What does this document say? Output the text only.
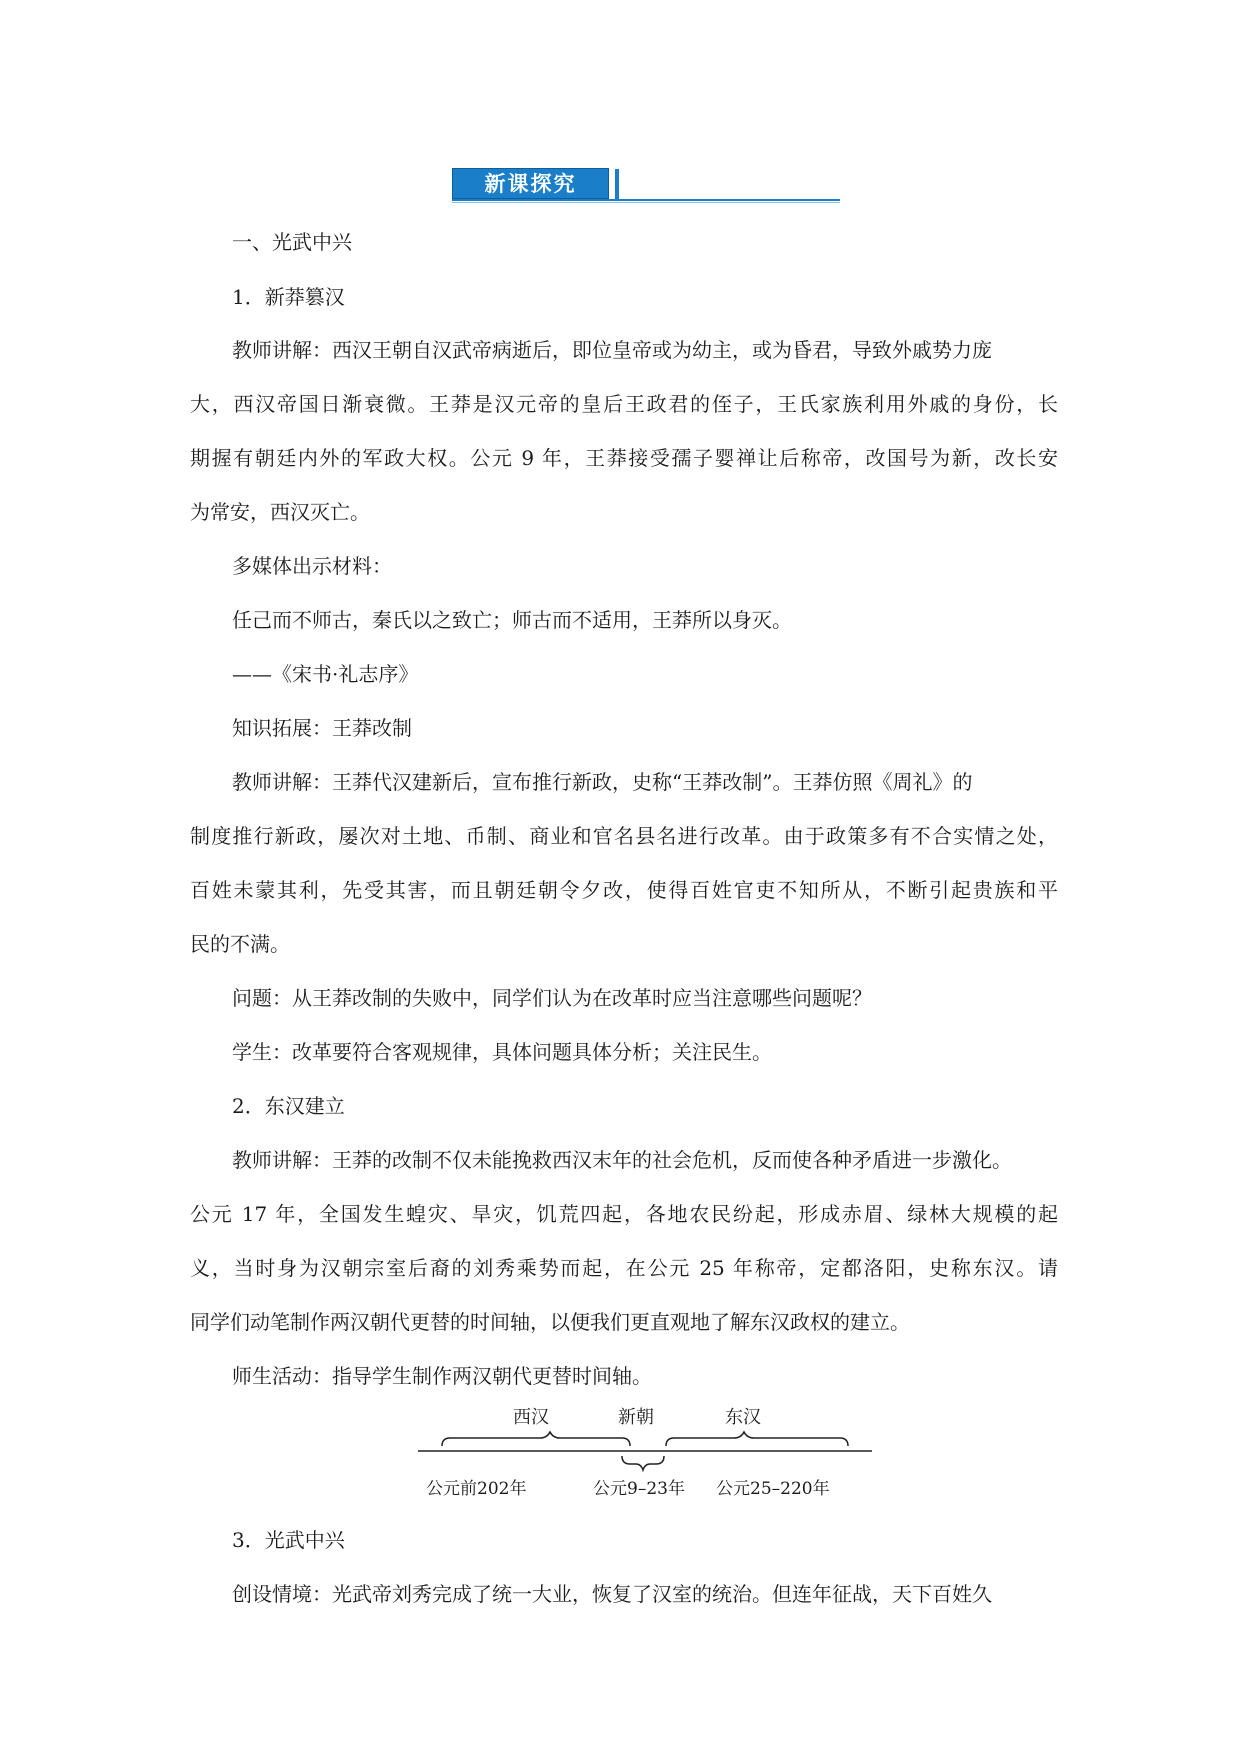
新课探究
一、光武中兴
1．新莽篡汉
教师讲解：西汉王朝自汉武帝病逝后，即位皇帝或为幼主，或为昏君，导致外戚势力庞
大，西汉帝国日渐衰微。王莽是汉元帝的皇后王政君的侄子，王氏家族利用外戚的身份，长
期握有朝廷内外的军政大权。公元 9 年，王莽接受孺子婴禅让后称帝，改国号为新，改长安
为常安，西汉灭亡。
多媒体出示材料：
任己而不师古，秦氏以之致亡；师古而不适用，王莽所以身灭。
——《宋书·礼志序》
知识拓展：王莽改制
教师讲解：王莽代汉建新后，宣布推行新政，史称“王莽改制”。王莽仿照《周礼》的
制度推行新政，屡次对土地、币制、商业和官名县名进行改革。由于政策多有不合实情之处，
百姓未蒙其利，先受其害，而且朝廷朝令夕改，使得百姓官吏不知所从，不断引起贵族和平
民的不满。
问题：从王莽改制的失败中，同学们认为在改革时应当注意哪些问题呢？
学生：改革要符合客观规律，具体问题具体分析；关注民生。
2．东汉建立
教师讲解：王莽的改制不仅未能挽救西汉末年的社会危机，反而使各种矛盾进一步激化。
公元 17 年，全国发生蝗灾、旱灾，饥荒四起，各地农民纷起，形成赤眉、绿林大规模的起
义，当时身为汉朝宗室后裔的刘秀乘势而起，在公元 25 年称帝，定都洛阳，史称东汉。请
同学们动笔制作两汉朝代更替的时间轴，以便我们更直观地了解东汉政权的建立。
师生活动：指导学生制作两汉朝代更替时间轴。
西汉	新朝	东汉
公元前202年	公元9–23年 公元25–220年
3．光武中兴
创设情境：光武帝刘秀完成了统一大业，恢复了汉室的统治。但连年征战，天下百姓久
